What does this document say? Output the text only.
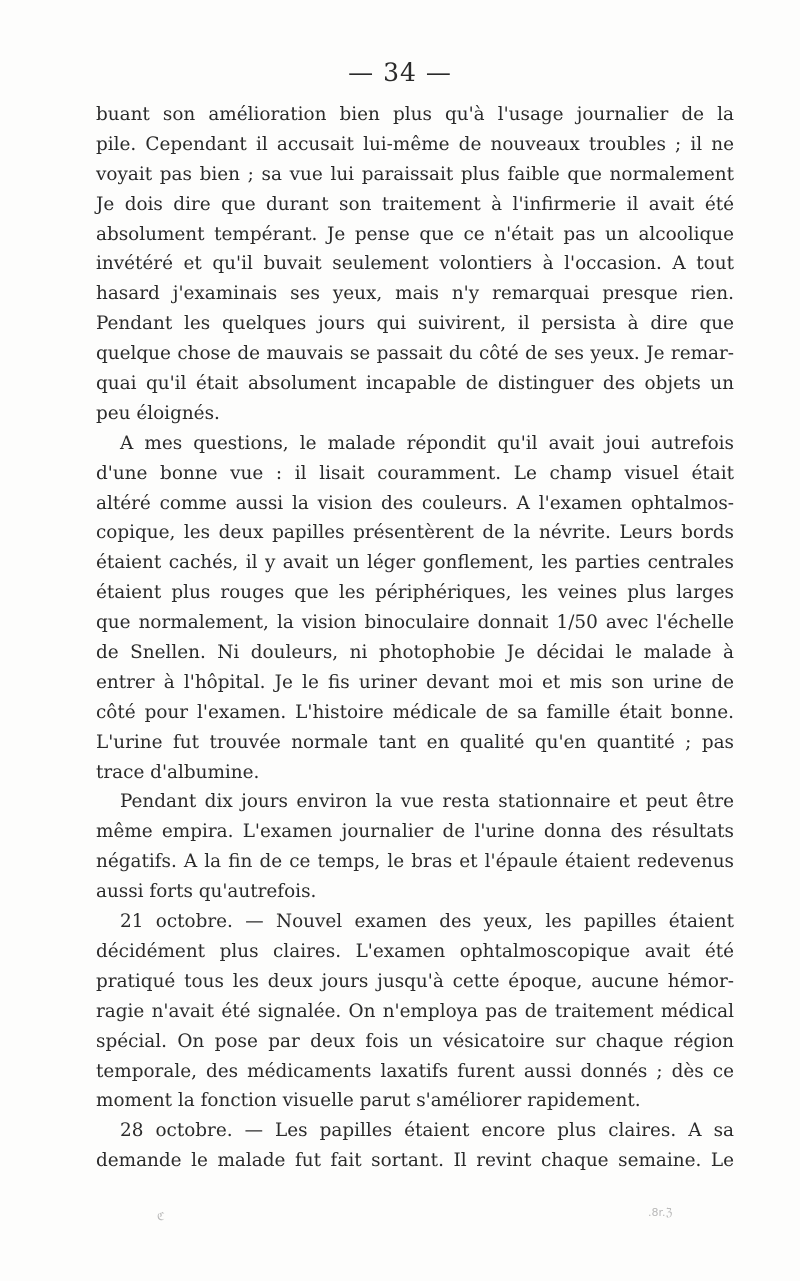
— 34 —
buant son amélioration bien plus qu'à l'usage journalier de la
pile. Cependant il accusait lui-même de nouveaux troubles ; il ne
voyait pas bien ; sa vue lui paraissait plus faible que normalement
Je dois dire que durant son traitement à l'infirmerie il avait été
absolument tempérant. Je pense que ce n'était pas un alcoolique
invétéré et qu'il buvait seulement volontiers à l'occasion. A tout
hasard j'examinais ses yeux, mais n'y remarquai presque rien.
Pendant les quelques jours qui suivirent, il persista à dire que
quelque chose de mauvais se passait du côté de ses yeux. Je remar-
quai qu'il était absolument incapable de distinguer des objets un
peu éloignés.
A mes questions, le malade répondit qu'il avait joui autrefois
d'une bonne vue : il lisait couramment. Le champ visuel était
altéré comme aussi la vision des couleurs. A l'examen ophtalmos-
copique, les deux papilles présentèrent de la névrite. Leurs bords
étaient cachés, il y avait un léger gonflement, les parties centrales
étaient plus rouges que les périphériques, les veines plus larges
que normalement, la vision binoculaire donnait 1/50 avec l'échelle
de Snellen. Ni douleurs, ni photophobie Je décidai le malade à
entrer à l'hôpital. Je le fis uriner devant moi et mis son urine de
côté pour l'examen. L'histoire médicale de sa famille était bonne.
L'urine fut trouvée normale tant en qualité qu'en quantité ; pas
trace d'albumine.
Pendant dix jours environ la vue resta stationnaire et peut être
même empira. L'examen journalier de l'urine donna des résultats
négatifs. A la fin de ce temps, le bras et l'épaule étaient redevenus
aussi forts qu'autrefois.
21 octobre. — Nouvel examen des yeux, les papilles étaient
décidément plus claires. L'examen ophtalmoscopique avait été
pratiqué tous les deux jours jusqu'à cette époque, aucune hémor-
ragie n'avait été signalée. On n'employa pas de traitement médical
spécial. On pose par deux fois un vésicatoire sur chaque région
temporale, des médicaments laxatifs furent aussi donnés ; dès ce
moment la fonction visuelle parut s'améliorer rapidement.
28 octobre. — Les papilles étaient encore plus claires. A sa
demande le malade fut fait sortant. Il revint chaque semaine. Le
ℭ	.8r.ℨ
